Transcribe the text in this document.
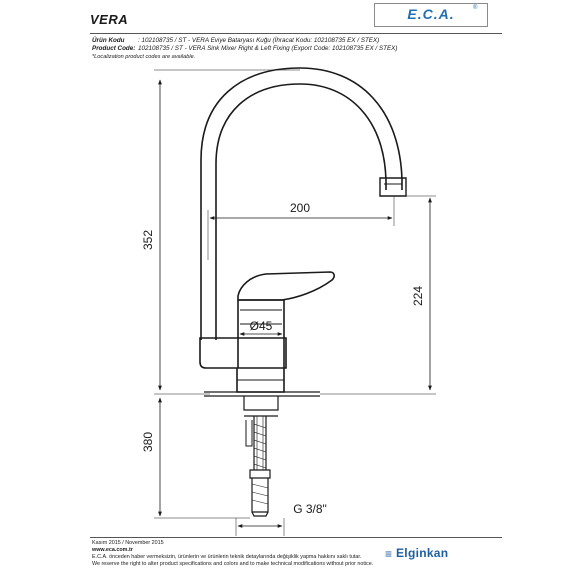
VERA	E.C.A.	®
Ürün Kodu : 102108735 / ST - VERA Eviye Bataryası Kuğu (İhracat Kodu: 102108735 EX / STEX)
Product Code: 102108735 / ST - VERA Sink Mixer Right & Left Fixing (Export Code: 102108735 EX / STEX)
*Localization product codes are available.
352
380
224
200
Ø45
G 3/8"
Kasım 2015 / November 2015
www.eca.com.tr
E.C.A. önceden haber vermeksizin, ürünlerin ve ürünlerin teknik detaylarında değişiklik yapma hakkını saklı tutar.
We reserve the right to alter product specifications and colors and to make technical modifications without prior notice.
≡ Elginkan
